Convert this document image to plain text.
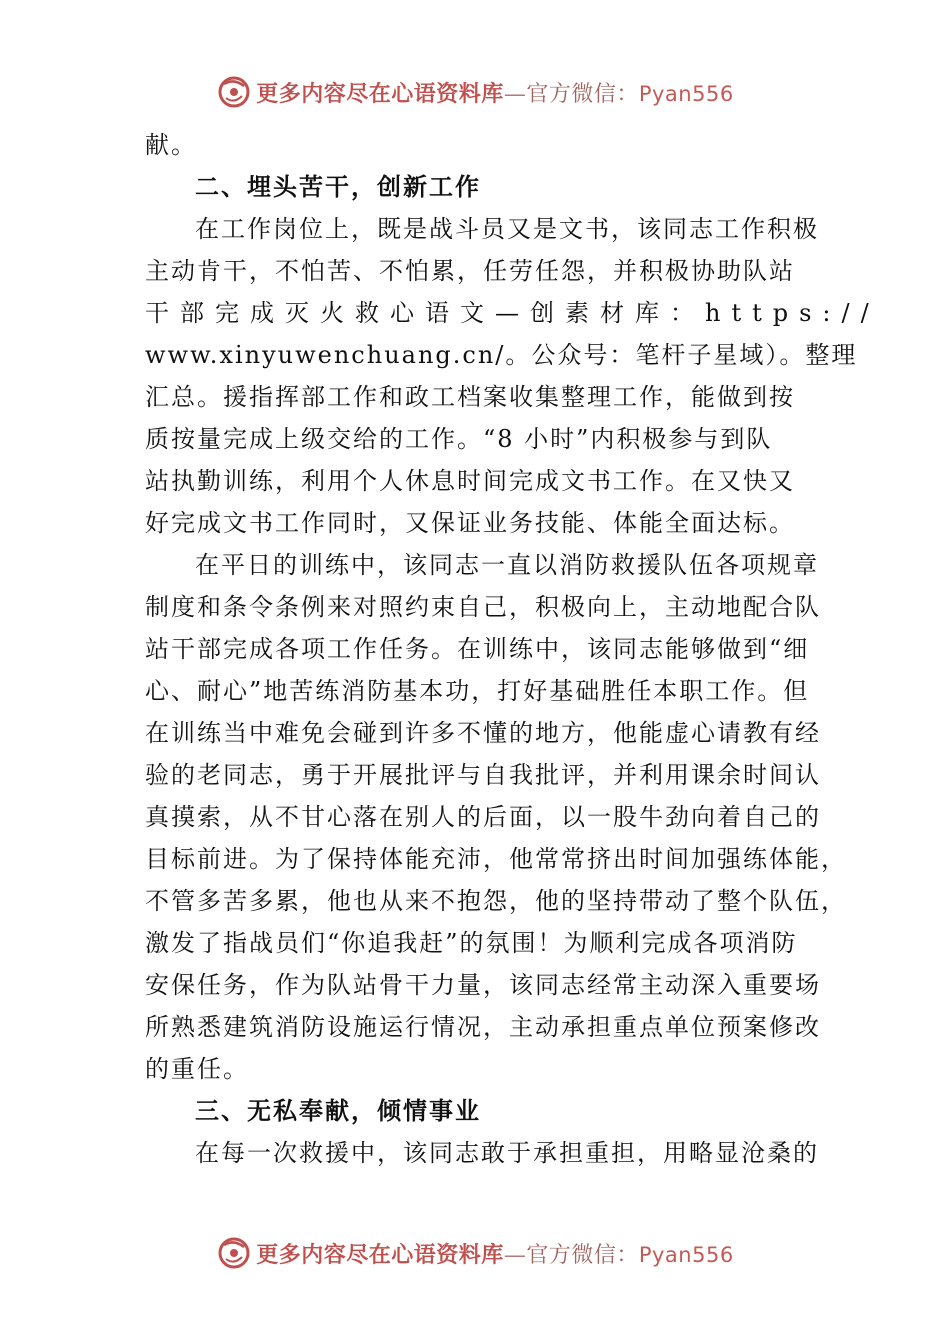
更多内容尽在心语资料库—官方微信：Pyan556
献。
二、埋头苦干，创新工作
在工作岗位上，既是战斗员又是文书，该同志工作积极
主动肯干，不怕苦、不怕累，任劳任怨，并积极协助队站
干部完成灭火救心语文—创素材库：https://
www.xinyuwenchuang.cn/。公众号：笔杆子星域）。整理
汇总。援指挥部工作和政工档案收集整理工作，能做到按
质按量完成上级交给的工作。“8 小时”内积极参与到队
站执勤训练，利用个人休息时间完成文书工作。在又快又
好完成文书工作同时，又保证业务技能、体能全面达标。
在平日的训练中，该同志一直以消防救援队伍各项规章
制度和条令条例来对照约束自己，积极向上，主动地配合队
站干部完成各项工作任务。在训练中，该同志能够做到“细
心、耐心”地苦练消防基本功，打好基础胜任本职工作。但
在训练当中难免会碰到许多不懂的地方，他能虚心请教有经
验的老同志，勇于开展批评与自我批评，并利用课余时间认
真摸索，从不甘心落在别人的后面，以一股牛劲向着自己的
目标前进。为了保持体能充沛，他常常挤出时间加强练体能，
不管多苦多累，他也从来不抱怨，他的坚持带动了整个队伍，
激发了指战员们“你追我赶”的氛围！为顺利完成各项消防
安保任务，作为队站骨干力量，该同志经常主动深入重要场
所熟悉建筑消防设施运行情况，主动承担重点单位预案修改
的重任。
三、无私奉献，倾情事业
在每一次救援中，该同志敢于承担重担，用略显沧桑的
更多内容尽在心语资料库—官方微信：Pyan556
